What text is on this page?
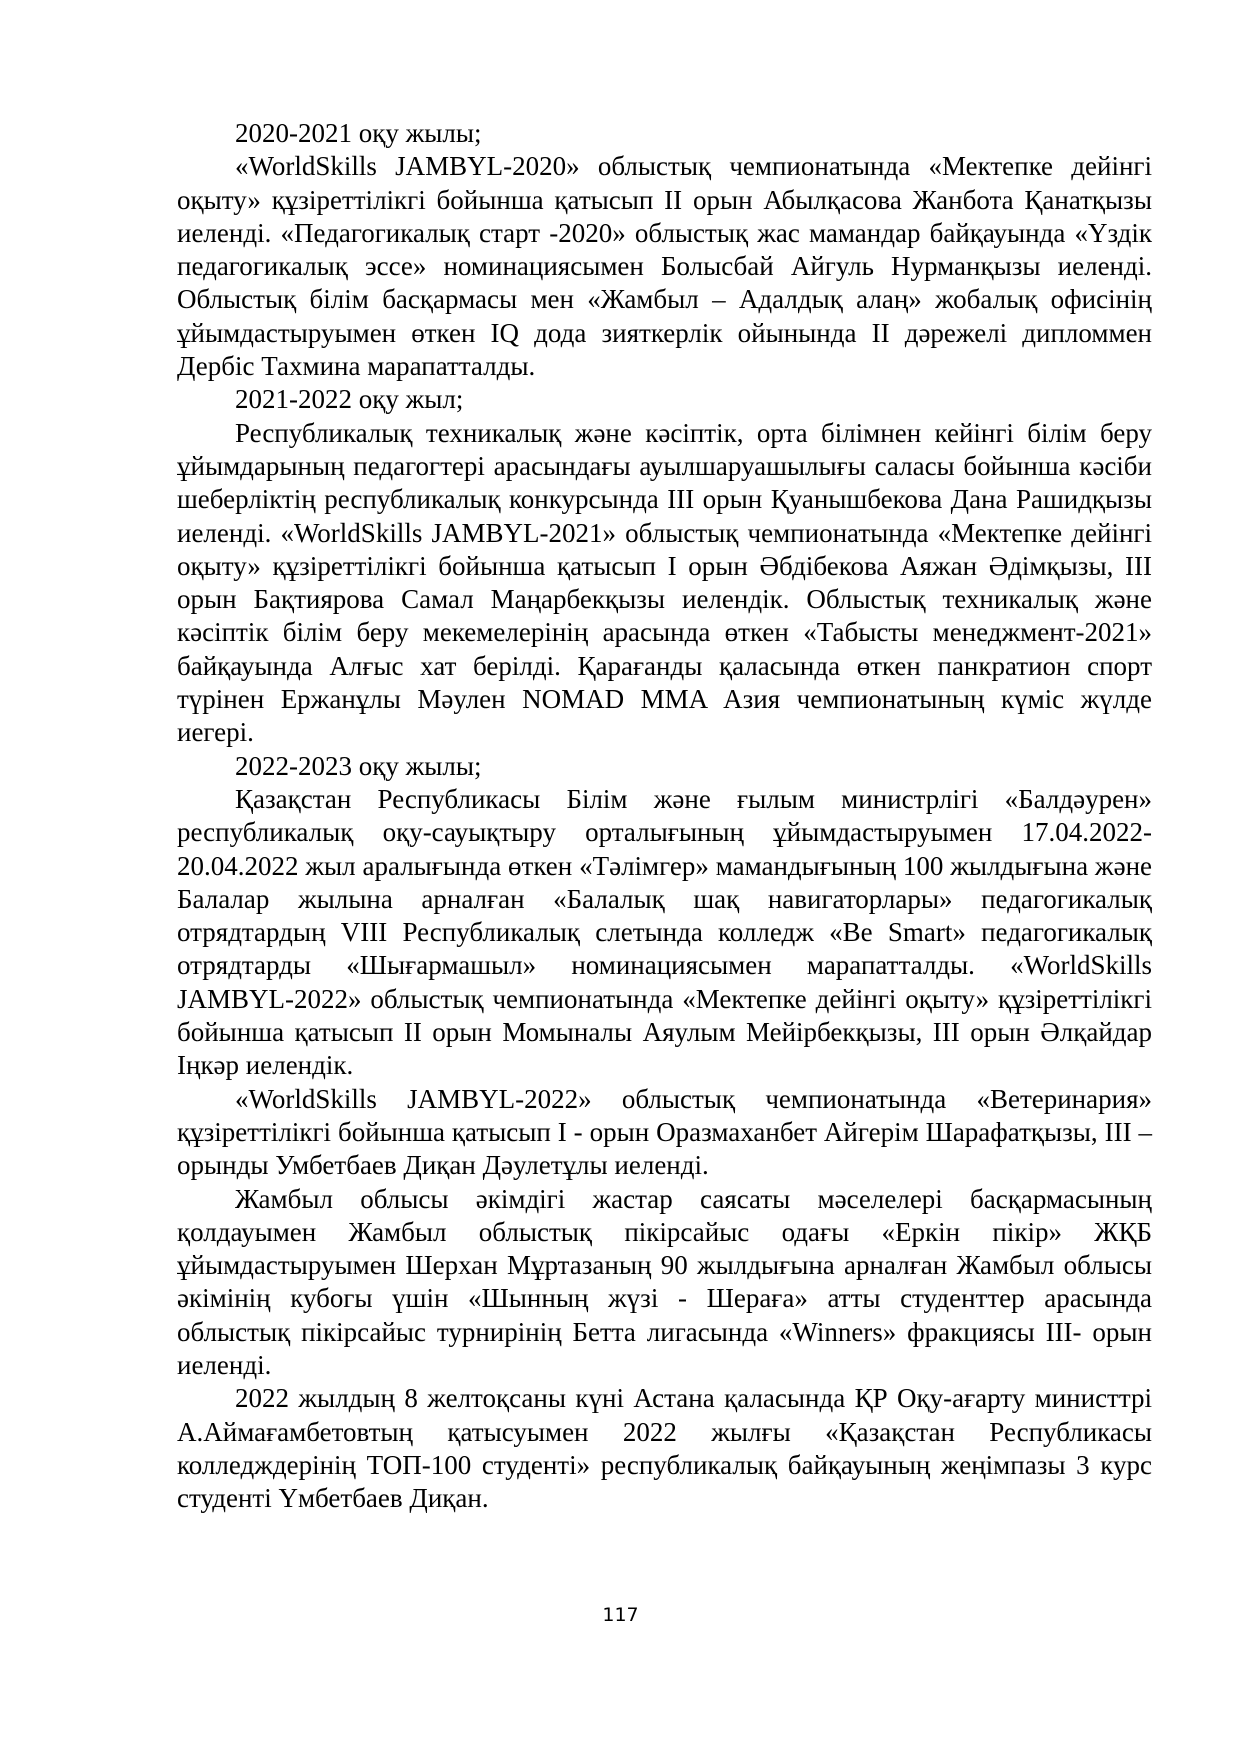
2020-2021 оқу жылы;

«WorldSkills JAMBYL-2020» облыстық чемпионатында «Мектепке дейінгі оқыту» құзіреттілікгі бойынша қатысып ІІ орын Абылқасова Жанбота Қанатқызы иеленді. «Педагогикалық старт -2020» облыстық жас мамандар байқауында «Үздік педагогикалық эссе» номинациясымен Болысбай Айгуль Нурманқызы иеленді. Облыстық білім басқармасы мен «Жамбыл – Адалдық алаң» жобалық офисінің ұйымдастыруымен өткен IQ дода зияткерлік ойынында ІІ дәрежелі дипломмен Дербіс Тахмина марапатталды.

2021-2022 оқу жыл;

Республикалық техникалық және кәсіптік, орта білімнен кейінгі білім беру ұйымдарының педагогтері арасындағы ауылшаруашылығы саласы бойынша кәсіби шеберліктің республикалық конкурсында ІІІ орын Қуанышбекова Дана Рашидқызы иеленді. «WorldSkills JAMBYL-2021» облыстық чемпионатында «Мектепке дейінгі оқыту» құзіреттілікгі бойынша қатысып І орын Әбдібекова Аяжан Әдімқызы, ІІІ орын Бақтиярова Самал Маңарбекқызы иелендік. Облыстық техникалық және кәсіптік білім беру мекемелерінің арасында өткен «Табысты менеджмент-2021» байқауында Алғыс хат берілді. Қарағанды қаласында өткен панкратион спорт түрінен Ержанұлы Мәулен NOMAD MMA Азия чемпионатының күміс жүлде иегері.

2022-2023 оқу жылы;

Қазақстан Республикасы Білім және ғылым министрлігі «Балдәурен» республикалық оқу-сауықтыру орталығының ұйымдастыруымен 17.04.2022-20.04.2022 жыл аралығында өткен «Тәлімгер» мамандығының 100 жылдығына және Балалар жылына арналған «Балалық шақ навигаторлары» педагогикалық отрядтардың VIII Республикалық слетында колледж «Be Smart» педагогикалық отрядтарды «Шығармашыл» номинациясымен марапатталды. «WorldSkills JAMBYL-2022» облыстық чемпионатында «Мектепке дейінгі оқыту» құзіреттілікгі бойынша қатысып ІІ орын Момыналы Аяулым Мейірбекқызы, ІІІ орын Әлқайдар Іңкәр иелендік.

«WorldSkills JAMBYL-2022» облыстық чемпионатында «Ветеринария» құзіреттілікгі бойынша қатысып І - орын Оразмаханбет Айгерім Шарафатқызы, ІІІ – орынды Умбетбаев Диқан Дәулетұлы иеленді.

Жамбыл облысы әкімдігі жастар саясаты мәселелері басқармасының қолдауымен Жамбыл облыстық пікірсайыс одағы «Еркін пікір» ЖҚБ ұйымдастыруымен Шерхан Мұртазаның 90 жылдығына арналған Жамбыл облысы әкімінің кубогы үшін «Шынның жүзі - Шераға» атты студенттер арасында облыстық пікірсайыс турнирінің Бетта лигасында «Winners» фракциясы ІІІ- орын иеленді.

2022 жылдың 8 желтоқсаны күні Астана қаласында ҚР Оқу-ағарту министтрі А.Аймағамбетовтың қатысуымен 2022 жылғы «Қазақстан Республикасы колледждерінің ТОП-100 студенті» республикалық байқауының жеңімпазы 3 курс студенті Үмбетбаев Диқан.

117
